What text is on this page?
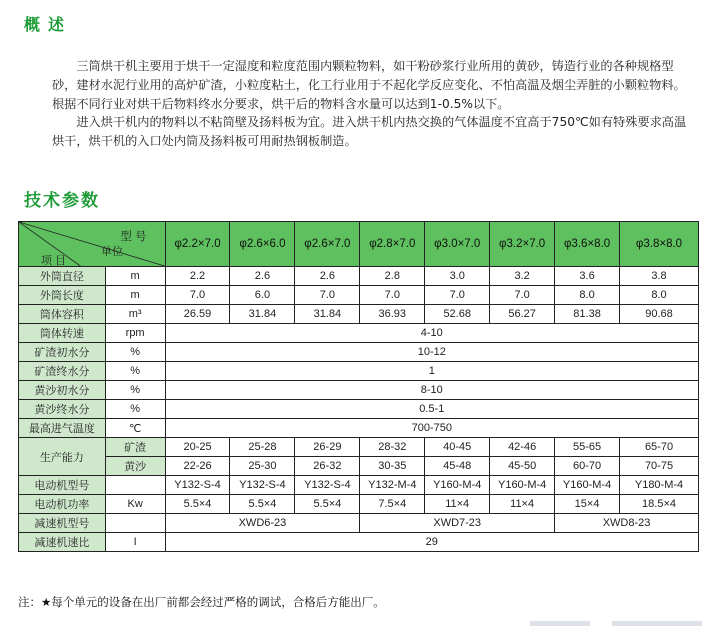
概述
  三筒烘干机主要用于烘干一定湿度和粒度范围内颗粒物料，如干粉砂浆行业所用的黄砂，铸造行业的各种规格型砂，建材水泥行业用的高炉矿渣，小粒度粘土，化工行业用于不起化学反应变化、不怕高温及烟尘弄脏的小颗粒物料。根据不同行业对烘干后物料终水分要求，烘干后的物料含水量可以达到1-0.5%以下。
  进入烘干机内的物料以不粘筒壁及扬料板为宜。进入烘干机内热交换的气体温度不宜高于750℃如有特殊要求高温烘干，烘干机的入口处内筒及扬料板可用耐热钢板制造。
技术参数
型 号
单位
项 目		φ2.2×7.0	φ2.6×6.0	φ2.6×7.0	φ2.8×7.0	φ3.0×7.0	φ3.2×7.0	φ3.6×8.0	φ3.8×8.0
外筒直径	m	2.2	2.6	2.6	2.8	3.0	3.2	3.6	3.8
外筒长度	m	7.0	6.0	7.0	7.0	7.0	7.0	8.0	8.0
筒体容积	m³	26.59	31.84	31.84	36.93	52.68	56.27	81.38	90.68
筒体转速	rpm	4-10							
矿渣初水分	%	10-12							
矿渣终水分	%	1							
黄沙初水分	%	8-10							
黄沙终水分	%	0.5-1							
最高进气温度	℃	700-750							
生产能力	矿渣	20-25	25-28	26-29	28-32	40-45	42-46	55-65	65-70
	黄沙	22-26	25-30	26-32	30-35	45-48	45-50	60-70	70-75
电动机型号		Y132-S-4	Y132-S-4	Y132-S-4	Y132-M-4	Y160-M-4	Y160-M-4	Y160-M-4	Y180-M-4
电动机功率	Kw	5.5×4	5.5×4	5.5×4	7.5×4	11×4	11×4	15×4	18.5×4
减速机型号		XWD6-23			XWD7-23			XWD8-23	
减速机速比	I	29							
注：★每个单元的设备在出厂前都会经过严格的调试，合格后方能出厂。
